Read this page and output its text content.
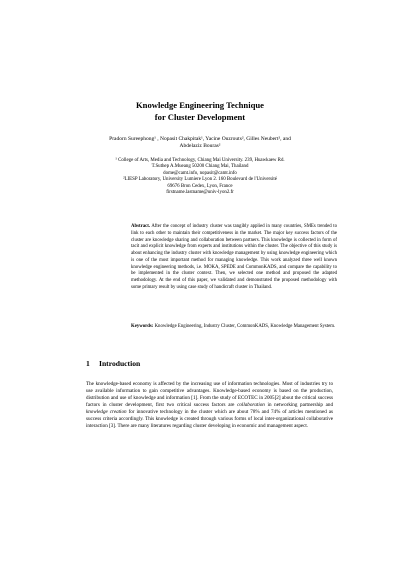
Knowledge Engineering Technique
for Cluster Development
Pradorn Sureephong¹ , Nopasit Chakpitak¹, Yacine Ouzrouts², Gilles Neubert², and
Abdelaziz Bouras²
¹ College of Arts, Media and Technology, Chiang Mai University. 239, Huawkaew Rd.
T.Suthep A.Mueang 50200 Chiang Mai, Thailand
dome@camt.info, nopasit@camt.info
²LIESP Laboratory, University Lumiere Lyon 2. 160 Boulevard de l'Université
69676 Bron Cedex, Lyon, France
firstname.lastname@univ-lyon2.fr
Abstract. After the concept of industry cluster was tangibly applied in many countries, SMEs trended to link to each other to maintain their competitiveness in the market. The major key success factors of the cluster are knowledge sharing and collaboration between partners. This knowledge is collected in form of tacit and explicit knowledge from experts and institutions within the cluster. The objective of this study is about enhancing the industry cluster with knowledge management by using knowledge engineering which is one of the most important method for managing knowledge. This work analyzed three well known knowledge engineering methods, i.e. MOKA, SPEDE and CommonKADS, and compare the capability to be implemented in the cluster context. Then, we selected one method and proposed the adapted methodology. At the end of this paper, we validated and demonstrated the proposed methodology with some primary result by using case study of handicraft cluster in Thailand.
Keywords: Knowledge Engineering, Industry Cluster, CommonKADS, Knowledge Management System.
1 Introduction
The knowledge-based economy is affected by the increasing use of information technologies. Most of industries try to use available information to gain competitive advantages. Knowledge-based economy is based on the production, distribution and use of knowledge and information [1]. From the study of ECOTEC in 2005[2] about the critical success factors in cluster development, first two critical success factors are collaboration in networking partnership and knowledge creation for innovative technology in the cluster which are about 78% and 74% of articles mentioned as success criteria accordingly. This knowledge is created through various forms of local inter-organizational collaborative interaction [3]. There are many literatures regarding cluster developing in economic and management aspect.
